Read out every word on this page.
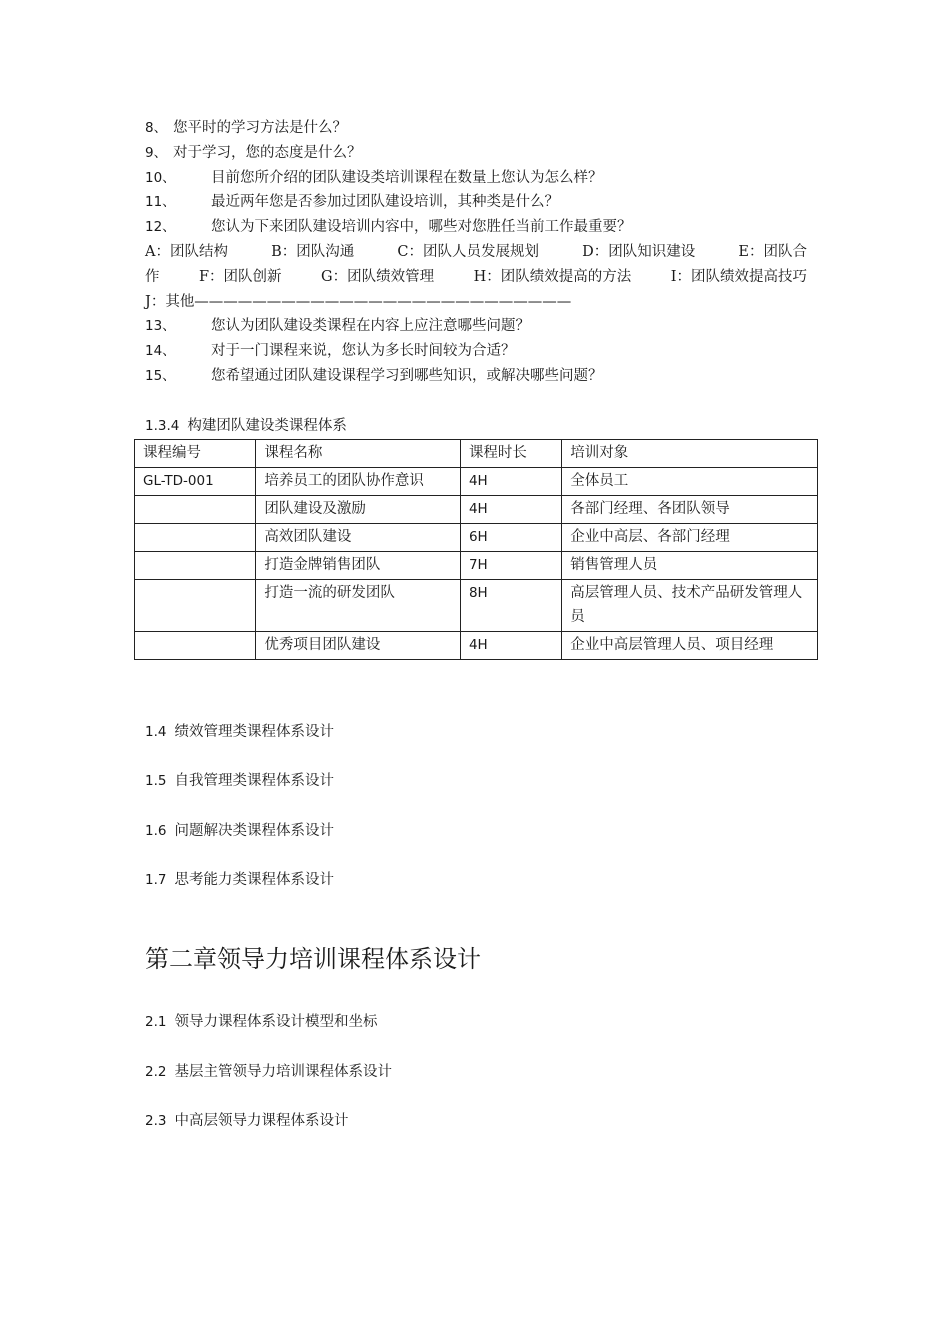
8、 您平时的学习方法是什么？
9、 对于学习，您的态度是什么？
10、 目前您所介绍的团队建设类培训课程在数量上您认为怎么样？
11、 最近两年您是否参加过团队建设培训，其种类是什么？
12、 您认为下来团队建设培训内容中，哪些对您胜任当前工作最重要？
A：团队结构	B：团队沟通	C：团队人员发展规划	D：团队知识建设	E：团队合
作	F：团队创新	G：团队绩效管理	H：团队绩效提高的方法	I：团队绩效提高技巧
J：其他——————————————————————————
13、 您认为团队建设类课程在内容上应注意哪些问题？
14、 对于一门课程来说，您认为多长时间较为合适？
15、 您希望通过团队建设课程学习到哪些知识，或解决哪些问题？
1.3.4 构建团队建设类课程体系
课程编号	课程名称	课程时长	培训对象
GL-TD-001	培养员工的团队协作意识	4H	全体员工
	团队建设及激励	4H	各部门经理、各团队领导
	高效团队建设	6H	企业中高层、各部门经理
	打造金牌销售团队	7H	销售管理人员
	打造一流的研发团队	8H	高层管理人员、技术产品研发管理人员
	优秀项目团队建设	4H	企业中高层管理人员、项目经理
1.4 绩效管理类课程体系设计
1.5 自我管理类课程体系设计
1.6 问题解决类课程体系设计
1.7 思考能力类课程体系设计
第二章领导力培训课程体系设计
2.1 领导力课程体系设计模型和坐标
2.2 基层主管领导力培训课程体系设计
2.3 中高层领导力课程体系设计
